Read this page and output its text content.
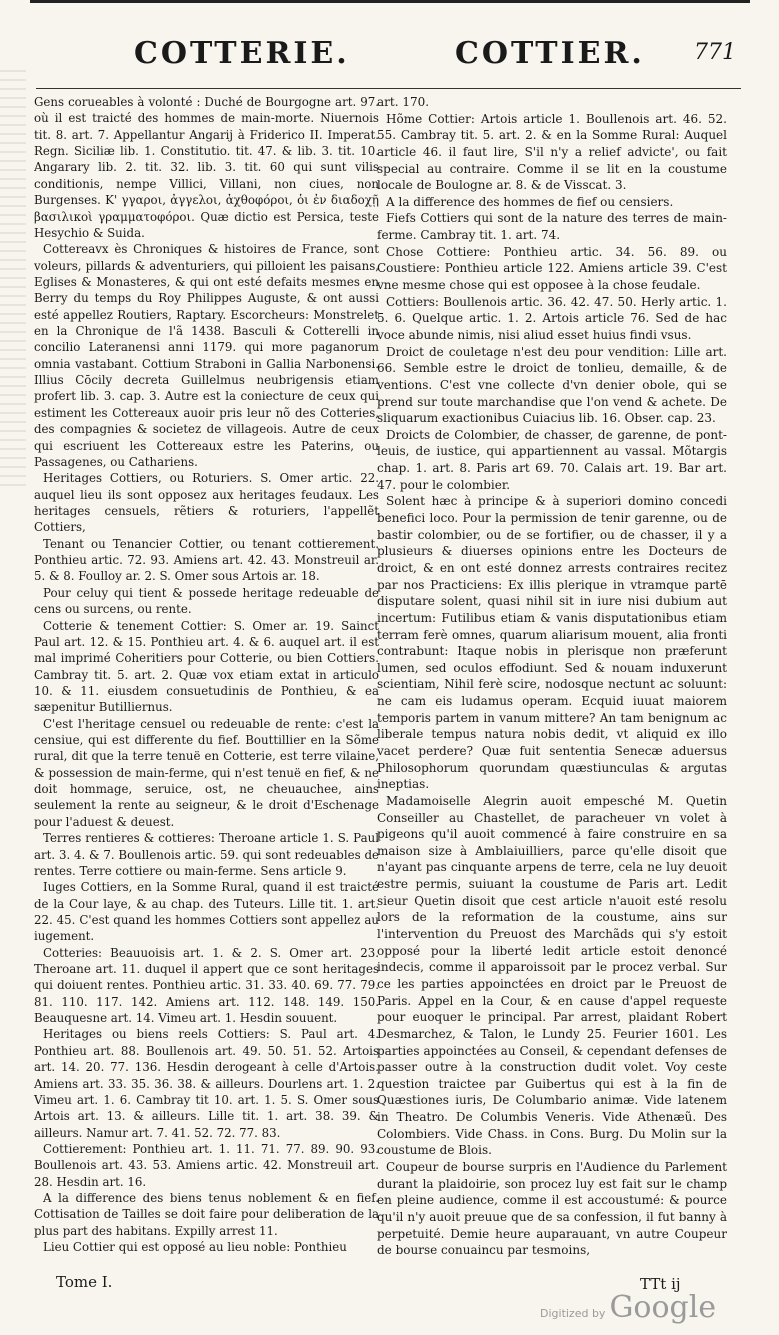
COTTERIE.	COTTIER. 771

Gens corueables à volonté : Duché de Bourgogne art. 97. où il est traicté des hommes de main-morte. Niuernois tit. 8. art. 7. Appellantur Angarij à Friderico II. Imperat. Regn. Siciliæ lib. 1. Constitutio. tit. 47. & lib. 3. tit. 10. Angarary lib. 2. tit. 32. lib. 3. tit. 60 qui sunt vilis conditionis, nempe Villici, Villani, non ciues, non Burgenses. Κ' γγαροι, ἀγγελοι, ἀχθοφόροι, ὁι ἐν διαδοχῇ βασιλικοὶ γραμματοφόροι. Quæ dictio est Persica, teste Hesychio & Suida.

Cottereavx ès Chroniques & histoires de France, sont voleurs, pillards & adventuriers, qui pilloient les paisans, Eglises & Monasteres, & qui ont esté defaits mesmes en Berry du temps du Roy Philippes Auguste, & ont aussi esté appellez Routiers, Raptary. Escorcheurs: Monstrelet en la Chronique de l'ã 1438. Basculi & Cotterelli in concilio Lateranensi anni 1179. qui more paganorum omnia vastabant. Cottium Straboni in Gallia Narbonensi. Illius Cōcily decreta Guillelmus neubrigensis etiam profert lib. 3. cap. 3. Autre est la coniecture de ceux qui estiment les Cottereaux auoir pris leur nõ des Cotteries, des compagnies & societez de villageois. Autre de ceux qui escriuent les Cottereaux estre les Paterins, ou Passagenes, ou Cathariens.

Heritages Cottiers, ou Roturiers. S. Omer artic. 22. auquel lieu ils sont opposez aux heritages feudaux. Les heritages censuels, rẽtiers & roturiers, l'appellẽt Cottiers,

Tenant ou Tenancier Cottier, ou tenant cottierement. Ponthieu artic. 72. 93. Amiens art. 42. 43. Monstreuil ar. 5. & 8. Foulloy ar. 2. S. Omer sous Artois ar. 18.

Pour celuy qui tient & possede heritage redeuable de cens ou surcens, ou rente.

Cotterie & tenement Cottier: S. Omer ar. 19. Sainct Paul art. 12. & 15. Ponthieu art. 4. & 6. auquel art. il est mal imprimé Coheritiers pour Cotterie, ou bien Cottiers. Cambray tit. 5. art. 2. Quæ vox etiam extat in articulo 10. & 11. eiusdem consuetudinis de Ponthieu, & ea sæpenitur Butilliernus.

C'est l'heritage censuel ou redeuable de rente: c'est la censiue, qui est differente du fief. Bouttillier en la Sõme rural, dit que la terre tenuë en Cotterie, est terre vilaine, & possession de main-ferme, qui n'est tenuë en fief, & ne doit hommage, seruice, ost, ne cheuauchee, ains seulement la rente au seigneur, & le droit d'Eschenage pour l'aduest & deuest.

Terres rentieres & cottieres: Theroane article 1. S. Paul art. 3. 4. & 7. Boullenois artic. 59. qui sont redeuables de rentes. Terre cottiere ou main-ferme. Sens article 9.

Iuges Cottiers, en la Somme Rural, quand il est traicté de la Cour laye, & au chap. des Tuteurs. Lille tit. 1. art. 22. 45. C'est quand les hommes Cottiers sont appellez au iugement.

Cotteries: Beauuoisis art. 1. & 2. S. Omer art. 23. Theroane art. 11. duquel il appert que ce sont heritages qui doiuent rentes. Ponthieu artic. 31. 33. 40. 69. 77. 79. 81. 110. 117. 142. Amiens art. 112. 148. 149. 150. Beauquesne art. 14. Vimeu art. 1. Hesdin souuent.

Heritages ou biens reels Cottiers: S. Paul art. 4. Ponthieu art. 88. Boullenois art. 49. 50. 51. 52. Artois art. 14. 20. 77. 136. Hesdin derogeant à celle d'Artois. Amiens art. 33. 35. 36. 38. & ailleurs. Dourlens art. 1. 2. Vimeu art. 1. 6. Cambray tit 10. art. 1. 5. S. Omer sous Artois art. 13. & ailleurs. Lille tit. 1. art. 38. 39. & ailleurs. Namur art. 7. 41. 52. 72. 77. 83.

Cottierement: Ponthieu art. 1. 11. 71. 77. 89. 90. 93. Boullenois art. 43. 53. Amiens artic. 42. Monstreuil art. 28. Hesdin art. 16.

A la difference des biens tenus noblement & en fief. Cottisation de Tailles se doit faire pour deliberation de la plus part des habitans. Expilly arrest 11.

Lieu Cottier qui est opposé au lieu noble: Ponthieu

art. 170.

Hõme Cottier: Artois article 1. Boullenois art. 46. 52. 55. Cambray tit. 5. art. 2. & en la Somme Rural: Auquel article 46. il faut lire, S'il n'y a relief advicte', ou fait special au contraire. Comme il se lit en la coustume locale de Boulogne ar. 8. & de Visscat. 3.

A la difference des hommes de fief ou censiers.

Fiefs Cottiers qui sont de la nature des terres de main-ferme. Cambray tit. 1. art. 74.

Chose Cottiere: Ponthieu artic. 34. 56. 89. ou Coustiere: Ponthieu article 122. Amiens article 39. C'est vne mesme chose qui est opposee à la chose feudale.

Cottiers: Boullenois artic. 36. 42. 47. 50. Herly artic. 1. 5. 6. Quelque artic. 1. 2. Artois article 76. Sed de hac voce abunde nimis, nisi aliud esset huius findi vsus.

Droict de couletage n'est deu pour vendition: Lille art. 66. Semble estre le droict de tonlieu, demaille, & de ventions. C'est vne collecte d'vn denier obole, qui se prend sur toute marchandise que l'on vend & achete. De sliquarum exactionibus Cuiacius lib. 16. Obser. cap. 23.

Droicts de Colombier, de chasser, de garenne, de pont-leuis, de iustice, qui appartiennent au vassal. Mõtargis chap. 1. art. 8. Paris art 69. 70. Calais art. 19. Bar art. 47. pour le colombier.

Solent hæc à principe & à superiori domino concedi benefici loco. Pour la permission de tenir garenne, ou de bastir colombier, ou de se fortifier, ou de chasser, il y a plusieurs & diuerses opinions entre les Docteurs de droict, & en ont esté donnez arrests contraires recitez par nos Practiciens: Ex illis plerique in vtramque partē disputare solent, quasi nihil sit in iure nisi dubium aut incertum: Futilibus etiam & vanis disputationibus etiam terram ferè omnes, quarum aliarisum mouent, alia fronti contrabunt: Itaque nobis in plerisque non præferunt lumen, sed oculos effodiunt. Sed & nouam induxerunt scientiam, Nihil ferè scire, nodosque nectunt ac soluunt: ne cam eis ludamus operam. Ecquid iuuat maiorem temporis partem in vanum mittere? An tam benignum ac liberale tempus natura nobis dedit, vt aliquid ex illo vacet perdere? Quæ fuit sententia Senecæ aduersus Philosophorum quorundam quæstiunculas & argutas ineptias.

Madamoiselle Alegrin auoit empesché M. Quetin Conseiller au Chastellet, de paracheuer vn volet à pigeons qu'il auoit commencé à faire construire en sa maison size à Amblaiuilliers, parce qu'elle disoit que n'ayant pas cinquante arpens de terre, cela ne luy deuoit estre permis, suiuant la coustume de Paris art. Ledit sieur Quetin disoit que cest article n'auoit esté resolu lors de la reformation de la coustume, ains sur l'intervention du Preuost des Marchãds qui s'y estoit opposé pour la liberté ledit article estoit denoncé indecis, comme il apparoissoit par le procez verbal. Sur ce les parties appoinctées en droict par le Preuost de Paris. Appel en la Cour, & en cause d'appel requeste pour euoquer le principal. Par arrest, plaidant Robert Desmarchez, & Talon, le Lundy 25. Feurier 1601. Les parties appoinctées au Conseil, & cependant defenses de passer outre à la construction dudit volet. Voy ceste question traictee par Guibertus qui est à la fin de Quæstiones iuris, De Columbario animæ. Vide latenem in Theatro. De Columbis Veneris. Vide Athenæũ. Des Colombiers. Vide Chass. in Cons. Burg. Du Molin sur la coustume de Blois.

Coupeur de bourse surpris en l'Audience du Parlement durant la plaidoirie, son procez luy est fait sur le champ en pleine audience, comme il est accoustumé: & pource qu'il n'y auoit preuue que de sa confession, il fut banny à perpetuité. Demie heure auparauant, vn autre Coupeur de bourse conuaincu par tesmoins,

Tome I.	TTt ij
Digitized by Google
